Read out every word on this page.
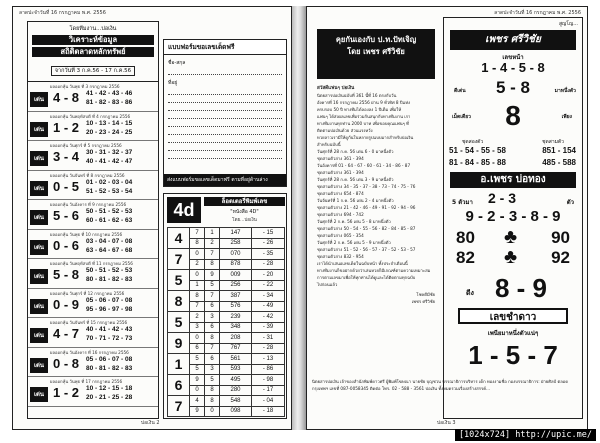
ลาดปะจำวันที่ 16 กรกฎาคม พ.ศ. 2556
โดยทีมงาน...บ่อเงิน
วิเคราะห์ข้อมูล
สถิติตลาดหลักทรัพย์
จากวันที่ 3 ก.ค.56 - 17 ก.ค.56
ผลออกหุ้น วันพุธ ที่ 3 กรกฎาคม 2556
เด่น 4 - 8	41 - 42 - 43 - 46
81 - 82 - 83 - 86
ผลออกหุ้น วันพฤหัสบดี ที่ 4 กรกฎาคม 2556
เด่น 1 - 2	10 - 13 - 14 - 15
20 - 23 - 24 - 25
ผลออกหุ้น วันศุกร์ ที่ 5 กรกฎาคม 2556
เด่น 3 - 4	30 - 31 - 32 - 37
40 - 41 - 42 - 47
ผลออกหุ้น วันจันทร์ ที่ 8 กรกฎาคม 2556
เด่น 0 - 5	01 - 02 - 03 - 04
51 - 52 - 53 - 54
ผลออกหุ้น วันอังคาร ที่ 9 กรกฎาคม 2556
เด่น 5 - 6	50 - 51 - 52 - 53
60 - 61 - 62 - 63
ผลออกหุ้น วันพุธ ที่ 10 กรกฎาคม 2556
เด่น 0 - 6	03 - 04 - 07 - 08
63 - 64 - 67 - 68
ผลออกหุ้น วันพฤหัสบดี ที่ 11 กรกฎาคม 2556
เด่น 5 - 8	50 - 51 - 52 - 53
80 - 81 - 82 - 83
ผลออกหุ้น วันศุกร์ ที่ 12 กรกฎาคม 2556
เด่น 0 - 9	05 - 06 - 07 - 08
95 - 96 - 97 - 98
ผลออกหุ้น วันจันทร์ ที่ 15 กรกฎาคม 2556
เด่น 4 - 7	40 - 41 - 42 - 43
70 - 71 - 72 - 73
ผลออกหุ้น วันอังคาร ที่ 16 กรกฎาคม 2556
เด่น 0 - 8	05 - 06 - 07 - 08
80 - 81 - 82 - 83
ผลออกหุ้น วันพุธ ที่ 17 กรกฎาคม 2556
เด่น 1 - 2	10 - 12 - 15 - 18
20 - 21 - 25 - 28
แบบฟอร์มขอเลขเด็ดฟรี
ชื่อ-สกุล
ที่อยู่
ส่งแบบฟอร์มขอเลขเด็ดมาฟรี ตามที่อยู่ด้านล่าง
4d	ล็อตเตอรี่พิมพ์เลข
"หนังสือ 4D"
โดย...บ่อเงิน
4	7	1	147	- 15
	8	2	258	- 26
7	0	7	070	- 35
	2	8	878	- 28
5	0	9	009	- 20
	1	5	256	- 22
8	8	7	387	- 34
	7	6	576	- 49
5	2	3	239	- 42
	3	6	348	- 39
9	0	8	208	- 31
	6	7	767	- 28
1	5	6	561	- 13
	5	3	593	- 86
6	9	5	495	- 98
	0	8	280	- 17
7	4	8	548	- 04
	9	0	098	- 18
บ่อเงิน 2
ลาดปะจำวันที่ 16 กรกฎาคม พ.ศ. 2556
คุยกันเองกับ ป.ท.ปัทเจิญ
โดย เพชร ศรีวิชัย
สวัสดีแฟนๆ บ่อเงิน
นิตยสารบ่อเงินฉบับที่ 361 นี้ที่ 16 ตรงกับวัน
อังคารที่ 16 กรกฎาคม 2556 ผ่าน 9 ทั่วทิศ 8 ปีแห่ง
ครบรอบ 50 ปี ทางทีมได้ลองลง 1 ปีเต็ม เพื่อให้
แฟนๆ ได้ส่งผลเลขเพื่อร่วมกันสนุกกับทางทีมงาน เรา
ทางทีมงานทุกท่าน 2000 บาท เพื่อขอบคุณแฟนๆ ที่
ติดตามบ่อเงินด้วย ส่วนแรงหวัง
หวยลาวเรามีให้ดูกันในหลายรูปแบบมากสำหรับบ่อเงิน
สำหรับฉบับนี้
วันศุกร์ที่ 28 ก.ค. 56 เด่น 6 - 0 มาหนึ่งตัว
ชุดสามตัวล่าง 361 - 394
วันอังคารที่ 01 - 64 - 67 - 60 - 61 - 34 - 86 - 87
ชุดสามตัวล่าง 361 - 394
วันศุกร์ที่ 28 ก.ค. 56 เด่น 3 - 9 มาหนึ่งตัว
ชุดสามตัวล่าง 34 - 35 - 37 - 38 - 73 - 74 - 75 - 76
ชุดสามตัวล่าง 654 - 874
วันจันทร์ที่ 1 ก.ค. 56 เด่น 2 - 4 มาหนึ่งตัว
ชุดสามตัวล่าง 21 - 42 - 46 - 49 - 91 - 92 - 94 - 96
ชุดสามตัวล่าง 694 - 742
วันศุกร์ที่ 2 ก.ค. 56 เด่น 5 - 8 มาหนึ่งตัว
ชุดสามตัวล่าง 50 - 54 - 55 - 56 - 82 - 84 - 85 - 87
ชุดสามตัวล่าง 065 - 354
วันศุกร์ที่ 2 ก.ค. 56 เด่น 5 - 9 มาหนึ่งตัว
ชุดสามตัวล่าง 51 - 52 - 56 - 57 - 37 - 52 - 53 - 57
ชุดสามตัวล่าง 832 - 954
เราได้นำเสนอเลขเด็ดในฉบับหน้า ทั้งประจำเดือนนี้
ทางทีมงานก็ขอฝากด้วยว่าเล่นหวยก็มีเกณฑ์ตามความเหมาะสม
การตามเลขมาเพื่อให้ทุกท่านได้ดูและได้ติดตามทุกฉบับ
ไปก่อนแล้ว
โชคดีมีชัย
เพชร ศรีวิชัย
สูญโญ...
เพชร ศรีวิชัย
เลขหน้า
1 - 4 - 5 - 8
ดีเด่น	5 - 8	มาหนึ่งตัว
เม็ดเดียว	8	เพียง
ชุดสองตัว	ชุดสามตัว
51 - 54 - 55 - 58	851 - 154
81 - 84 - 85 - 88	485 - 588
อ.เพชร บ่อทอง
5 ตัวมา 2 - 3	ตัว
9 - 2 - 3 - 8 - 9
80 ♣ 90
82 ♣ 92
ดีง 8 - 9
เลขชำดาว
เพนียมาหนึ่งตัวแน่ๆ
1 - 5 - 7
บ่อเงิน 3
นิตยสารบ่อเงิน เจ้าของสำนักพิมพ์ดาวศรี ผู้พิมพ์โฆษณา นายชัย บุญชวน บรรณาธิการบริหาร เด็ก ทองงามชื่อ กองบรรณาธิการ: ฝ่ายศิลป์ ตลอด กรุงเทพฯ เลขที่ 087-0058345 ติดต่อ โทร. 02 - 588 - 3561 บ่อเงิน ทั้งหมดรวมเรื่องสร้างสรรค์...
[1024x724] http://upic.me/
